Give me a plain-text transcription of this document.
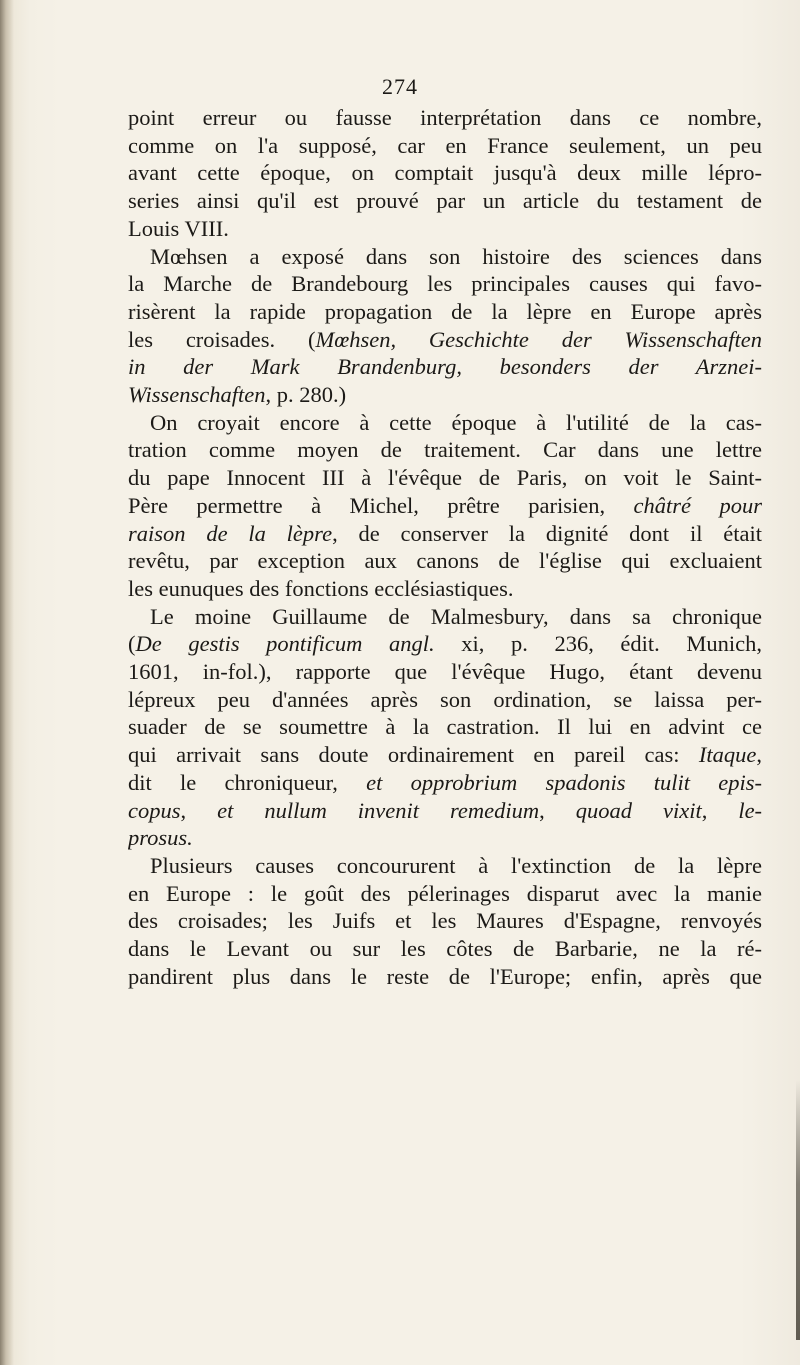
274
point erreur ou fausse interprétation dans ce nombre,
comme on l'a supposé, car en France seulement, un peu
avant cette époque, on comptait jusqu'à deux mille lépro-
series ainsi qu'il est prouvé par un article du testament de
Louis VIII.
Mœhsen a exposé dans son histoire des sciences dans
la Marche de Brandebourg les principales causes qui favo-
risèrent la rapide propagation de la lèpre en Europe après
les croisades. (Mœhsen, Geschichte der Wissenschaften
in der Mark Brandenburg, besonders der Arznei-
Wissenschaften, p. 280.)
On croyait encore à cette époque à l'utilité de la cas-
tration comme moyen de traitement. Car dans une lettre
du pape Innocent III à l'évêque de Paris, on voit le Saint-
Père permettre à Michel, prêtre parisien, châtré pour
raison de la lèpre, de conserver la dignité dont il était
revêtu, par exception aux canons de l'église qui excluaient
les eunuques des fonctions ecclésiastiques.
Le moine Guillaume de Malmesbury, dans sa chronique
(De gestis pontificum angl. xi, p. 236, édit. Munich,
1601, in-fol.), rapporte que l'évêque Hugo, étant devenu
lépreux peu d'années après son ordination, se laissa per-
suader de se soumettre à la castration. Il lui en advint ce
qui arrivait sans doute ordinairement en pareil cas: Itaque,
dit le chroniqueur, et opprobrium spadonis tulit epis-
copus, et nullum invenit remedium, quoad vixit, le-
prosus.
Plusieurs causes concoururent à l'extinction de la lèpre
en Europe : le goût des pélerinages disparut avec la manie
des croisades; les Juifs et les Maures d'Espagne, renvoyés
dans le Levant ou sur les côtes de Barbarie, ne la ré-
pandirent plus dans le reste de l'Europe; enfin, après que
